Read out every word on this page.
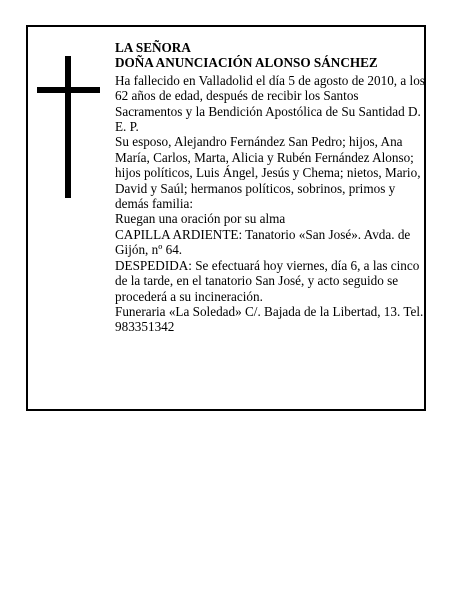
LA SEÑORA
DOÑA ANUNCIACIÓN ALONSO SÁNCHEZ

Ha fallecido en Valladolid el día 5 de agosto de 2010, a los 62 años de edad, después de recibir los Santos Sacramentos y la Bendición Apostólica de Su Santidad D. E. P.

Su esposo, Alejandro Fernández San Pedro; hijos, Ana María, Carlos, Marta, Alicia y Rubén Fernández Alonso; hijos políticos, Luis Ángel, Jesús y Chema; nietos, Mario, David y Saúl; hermanos políticos, sobrinos, primos y demás familia:

Ruegan una oración por su alma

CAPILLA ARDIENTE: Tanatorio «San José». Avda. de Gijón, nº 64.

DESPEDIDA: Se efectuará hoy viernes, día 6, a las cinco de la tarde, en el tanatorio San José, y acto seguido se procederá a su incineración.

Funeraria «La Soledad» C/. Bajada de la Libertad, 13. Tel.: 983351342
